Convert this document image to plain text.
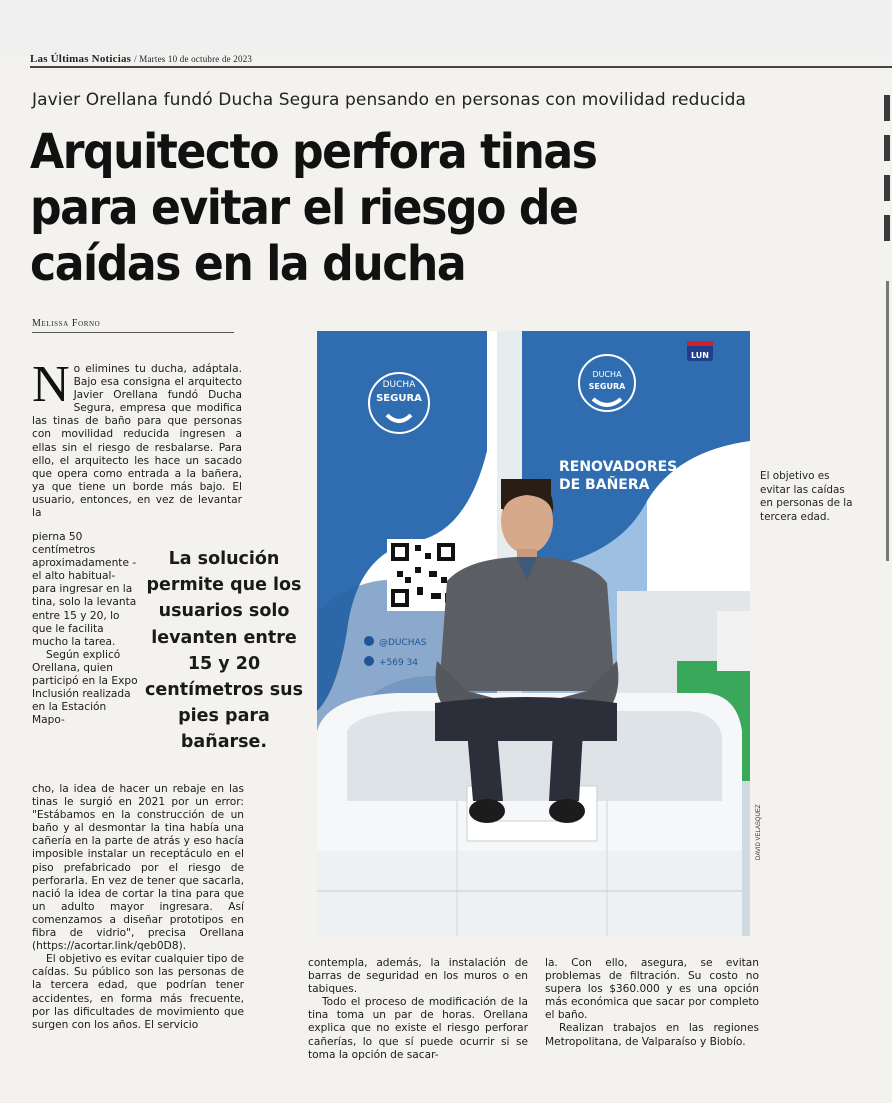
Las Últimas Noticias / Martes 10 de octubre de 2023
Javier Orellana fundó Ducha Segura pensando en personas con movilidad reducida
Arquitecto perfora tinas para evitar el riesgo de caídas en la ducha
Melissa Forno
N o elimines tu ducha, adáptala. Bajo esa consigna el arquitecto Javier Orellana fundó Ducha Segura, empresa que modifica las tinas de baño para que personas con movilidad reducida ingresen a ellas sin el riesgo de resbalarse. Para ello, el arquitecto les hace un sacado que opera como entrada a la bañera, ya que tiene un borde más bajo. El usuario, entonces, en vez de levantar la
pierna 50 centímetros aproximadamente - el alto habitual- para ingresar en la tina, solo la levanta entre 15 y 20, lo que le facilita mucho la tarea.
Según explicó Orellana, quien participó en la Expo Inclusión realizada en la Estación Mapo-

La solución permite que los usuarios solo levanten entre 15 y 20 centímetros sus pies para bañarse.

cho, la idea de hacer un rebaje en las tinas le surgió en 2021 por un error: "Estábamos en la construcción de un baño y al desmontar la tina había una cañería en la parte de atrás y eso hacía imposible instalar un receptáculo en el piso prefabricado por el riesgo de perforarla. En vez de tener que sacarla, nació la idea de cortar la tina para que un adulto mayor ingresara. Así comenzamos a diseñar prototipos en fibra de vidrio", precisa Orellana (https://acortar.link/qeb0D8).

El objetivo es evitar cualquier tipo de caídas. Su público son las personas de la tercera edad, que podrían tener accidentes, en forma más frecuente, por las dificultades de movimiento que surgen con los años. El servicio

DUCHA
SEGURA
DUCHA
SEGURA
RENOVADORES
DE BAÑERA
@DUCHAS
+569 34
LUN

El objetivo es evitar las caídas en personas de la tercera edad.

DAVID VELASQUEZ

contempla, además, la instalación de barras de seguridad en los muros o en tabiques.

Todo el proceso de modificación de la tina toma un par de horas. Orellana explica que no existe el riesgo perforar cañerías, lo que sí puede ocurrir si se toma la opción de sacar-

la. Con ello, asegura, se evitan problemas de filtración. Su costo no supera los $360.000 y es una opción más económica que sacar por completo el baño.

Realizan trabajos en las regiones Metropolitana, de Valparaíso y Biobío.
